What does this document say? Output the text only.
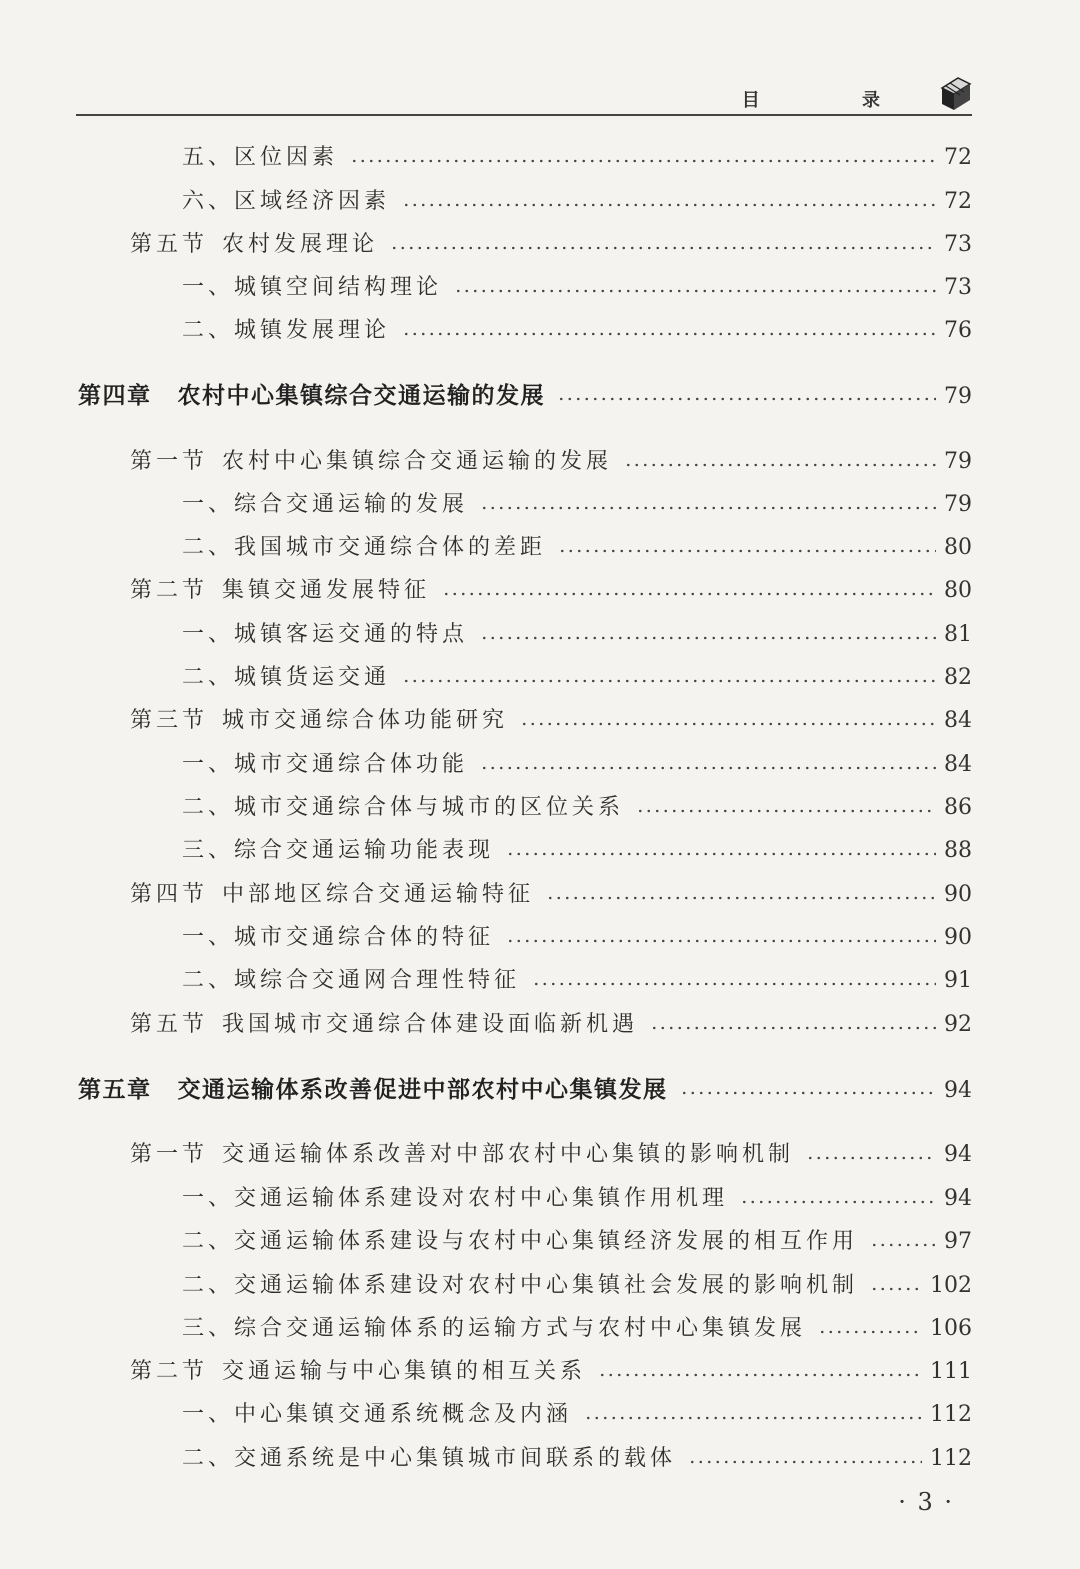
目 录
五、区位因素	72
六、区域经济因素	72
第五节 农村发展理论	73
一、城镇空间结构理论	73
二、城镇发展理论	76
第四章 农村中心集镇综合交通运输的发展	79
第一节 农村中心集镇综合交通运输的发展	79
一、综合交通运输的发展	79
二、我国城市交通综合体的差距	80
第二节 集镇交通发展特征	80
一、城镇客运交通的特点	81
二、城镇货运交通	82
第三节 城市交通综合体功能研究	84
一、城市交通综合体功能	84
二、城市交通综合体与城市的区位关系	86
三、综合交通运输功能表现	88
第四节 中部地区综合交通运输特征	90
一、城市交通综合体的特征	90
二、域综合交通网合理性特征	91
第五节 我国城市交通综合体建设面临新机遇	92
第五章 交通运输体系改善促进中部农村中心集镇发展	94
第一节 交通运输体系改善对中部农村中心集镇的影响机制	94
一、交通运输体系建设对农村中心集镇作用机理	94
二、交通运输体系建设与农村中心集镇经济发展的相互作用	97
二、交通运输体系建设对农村中心集镇社会发展的影响机制	102
三、综合交通运输体系的运输方式与农村中心集镇发展	106
第二节 交通运输与中心集镇的相互关系	111
一、中心集镇交通系统概念及内涵	112
二、交通系统是中心集镇城市间联系的载体	112
· 3 ·
